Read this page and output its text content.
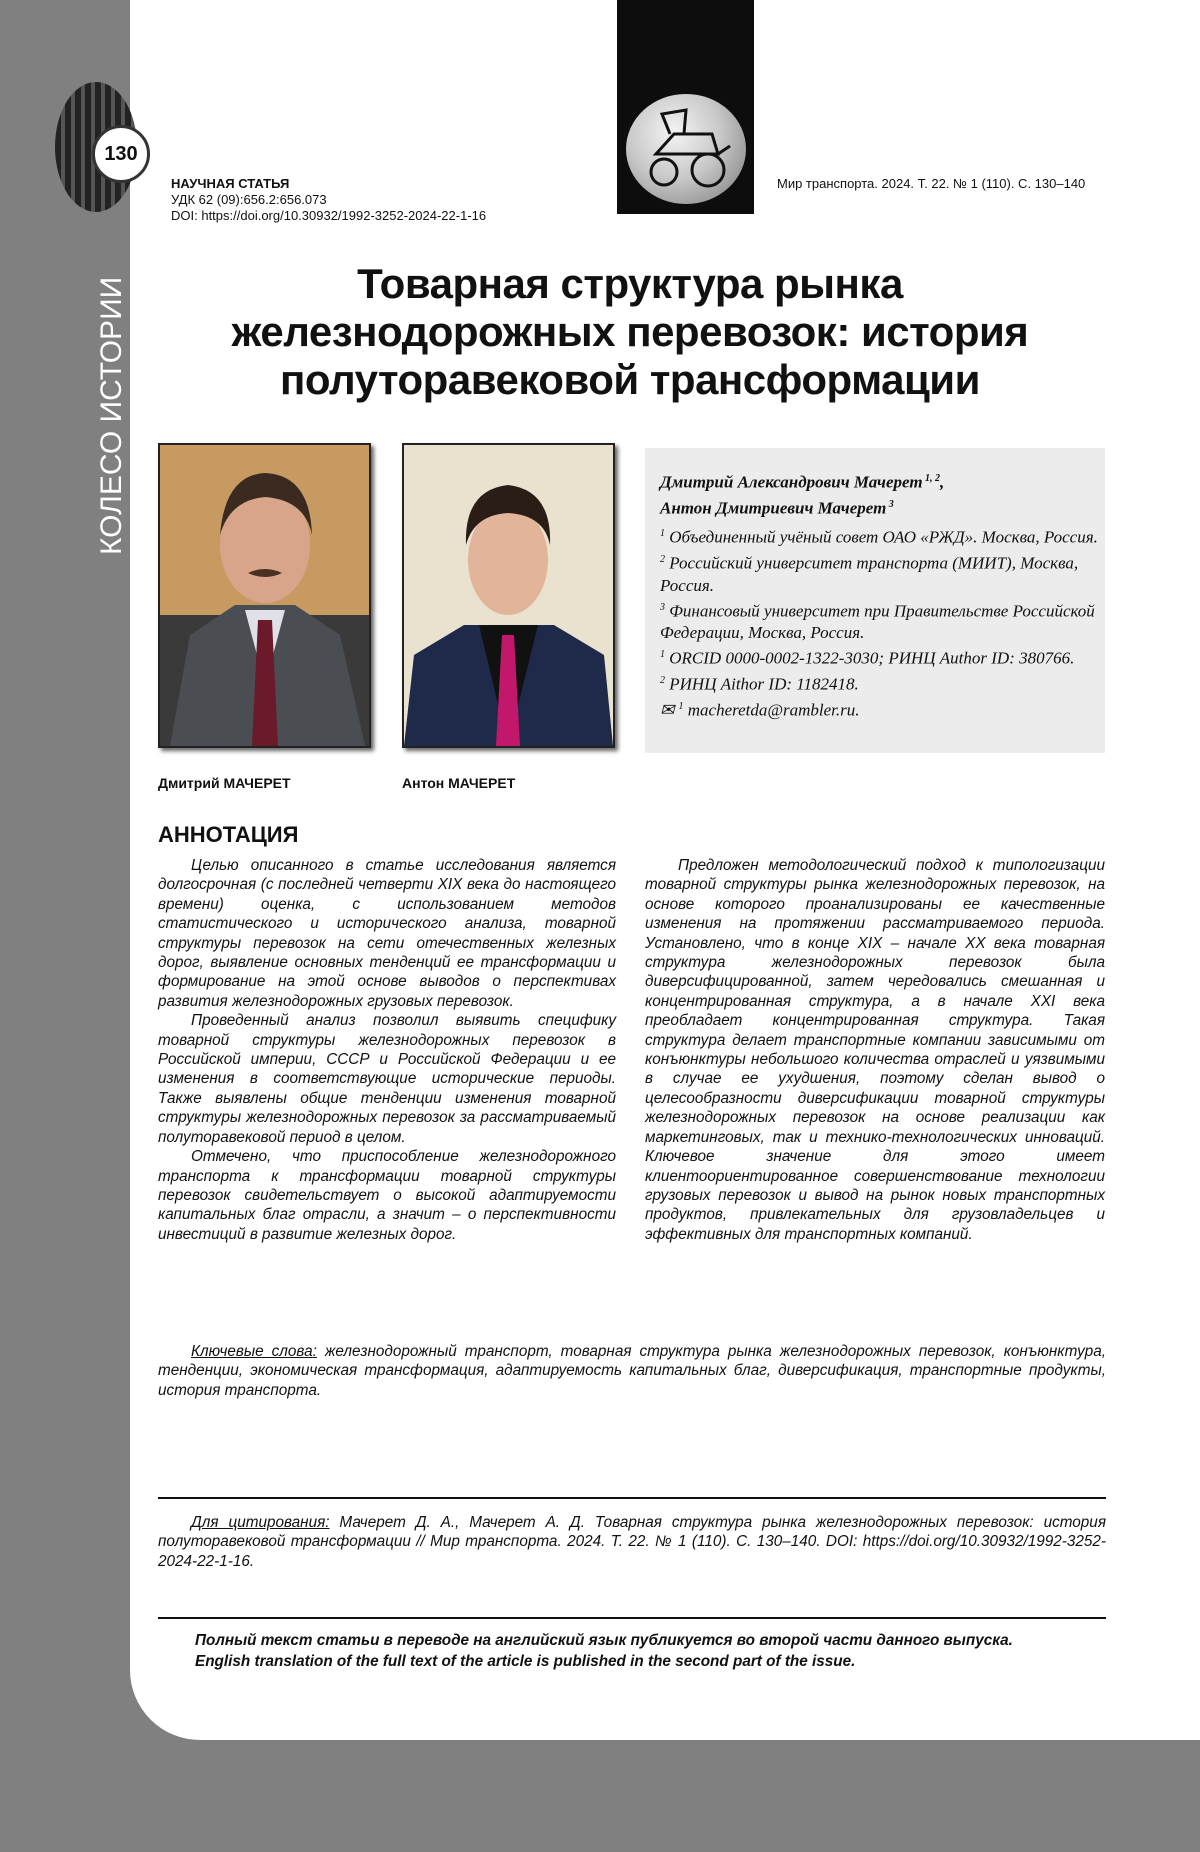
130
КОЛЕСО ИСТОРИИ
НАУЧНАЯ СТАТЬЯ
УДК 62 (09):656.2:656.073
DOI: https://doi.org/10.30932/1992-3252-2024-22-1-16
Мир транспорта. 2024. Т. 22. № 1 (110). С. 130–140
Товарная структура рынка
железнодорожных перевозок: история
полуторавековой трансформации
Дмитрий МАЧЕРЕТ	Антон МАЧЕРЕТ
Дмитрий Александрович Мачерет $^{1, 2}$,
Антон Дмитриевич Мачерет $^3$
$^1$ Объединенный учёный совет ОАО «РЖД». Москва, Россия.
$^2$ Российский университет транспорта (МИИТ), Москва, Россия.
$^3$ Финансовый университет при Правительстве Российской Федерации, Москва, Россия.
$^1$ ORCID 0000-0002-1322-3030; РИНЦ Author ID: 380766.
$^2$ РИНЦ Aithor ID: 1182418.
✉ $^1$ macheretda@rambler.ru.
АННОТАЦИЯ

Целью описанного в статье исследования является долгосрочная (с последней четверти XIX века до настоящего времени) оценка, с использованием методов статистического и исторического анализа, товарной структуры перевозок на сети отечественных железных дорог, выявление основных тенденций ее трансформации и формирование на этой основе выводов о перспективах развития железнодорожных грузовых перевозок.

Проведенный анализ позволил выявить специфику товарной структуры железнодорожных перевозок в Российской империи, СССР и Российской Федерации и ее изменения в соответствующие исторические периоды. Также выявлены общие тенденции изменения товарной структуры железнодорожных перевозок за рассматриваемый полуторавековой период в целом.

Отмечено, что приспособление железнодорожного транспорта к трансформации товарной структуры перевозок свидетельствует о высокой адаптируемости капитальных благ отрасли, а значит – о перспективности инвестиций в развитие железных дорог.

Предложен методологический подход к типологизации товарной структуры рынка железнодорожных перевозок, на основе которого проанализированы ее качественные изменения на протяжении рассматриваемого периода. Установлено, что в конце XIX – начале XX века товарная структура железнодорожных перевозок была диверсифицированной, затем чередовались смешанная и концентрированная структура, а в начале XXI века преобладает концентрированная структура. Такая структура делает транспортные компании зависимыми от конъюнктуры небольшого количества отраслей и уязвимыми в случае ее ухудшения, поэтому сделан вывод о целесообразности диверсификации товарной структуры железнодорожных перевозок на основе реализации как маркетинговых, так и технико-технологических инноваций. Ключевое значение для этого имеет клиентоориентированное совершенствование технологии грузовых перевозок и вывод на рынок новых транспортных продуктов, привлекательных для грузовладельцев и эффективных для транспортных компаний.

Ключевые слова: железнодорожный транспорт, товарная структура рынка железнодорожных перевозок, конъюнктура, тенденции, экономическая трансформация, адаптируемость капитальных благ, диверсификация, транспортные продукты, история транспорта.
Для цитирования: Мачерет Д. А., Мачерет А. Д. Товарная структура рынка железнодорожных перевозок: история полуторавековой трансформации // Мир транспорта. 2024. Т. 22. № 1 (110). С. 130–140. DOI: https://doi.org/10.30932/1992-3252-2024-22-1-16.
Полный текст статьи в переводе на английский язык публикуется во второй части данного выпуска.
English translation of the full text of the article is published in the second part of the issue.
© Мачерет Д. А., Мачерет А. Д., 2024
